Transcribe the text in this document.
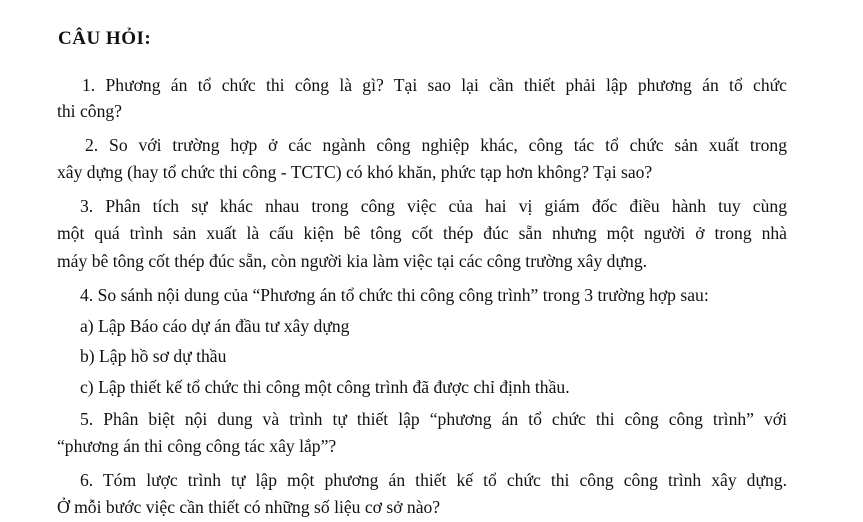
CÂU HỎI:
1. Phương án tổ chức thi công là gì? Tại sao lại cần thiết phải lập phương án tổ chức
thi công?
2. So với trường hợp ở các ngành công nghiệp khác, công tác tổ chức sản xuất trong
xây dựng (hay tổ chức thi công - TCTC) có khó khăn, phức tạp hơn không? Tại sao?
3. Phân tích sự khác nhau trong công việc của hai vị giám đốc điều hành tuy cùng
một quá trình sản xuất là cấu kiện bê tông cốt thép đúc sẵn nhưng một người ở trong nhà
máy bê tông cốt thép đúc sẵn, còn người kia làm việc tại các công trường xây dựng.
4. So sánh nội dung của “Phương án tổ chức thi công công trình” trong 3 trường hợp sau:
a) Lập Báo cáo dự án đầu tư xây dựng
b) Lập hồ sơ dự thầu
c) Lập thiết kế tổ chức thi công một công trình đã được chỉ định thầu.
5. Phân biệt nội dung và trình tự thiết lập “phương án tổ chức thi công công trình” với
“phương án thi công công tác xây lắp”?
6. Tóm lược trình tự lập một phương án thiết kế tổ chức thi công công trình xây dựng.
Ở mỗi bước việc cần thiết có những số liệu cơ sở nào?
